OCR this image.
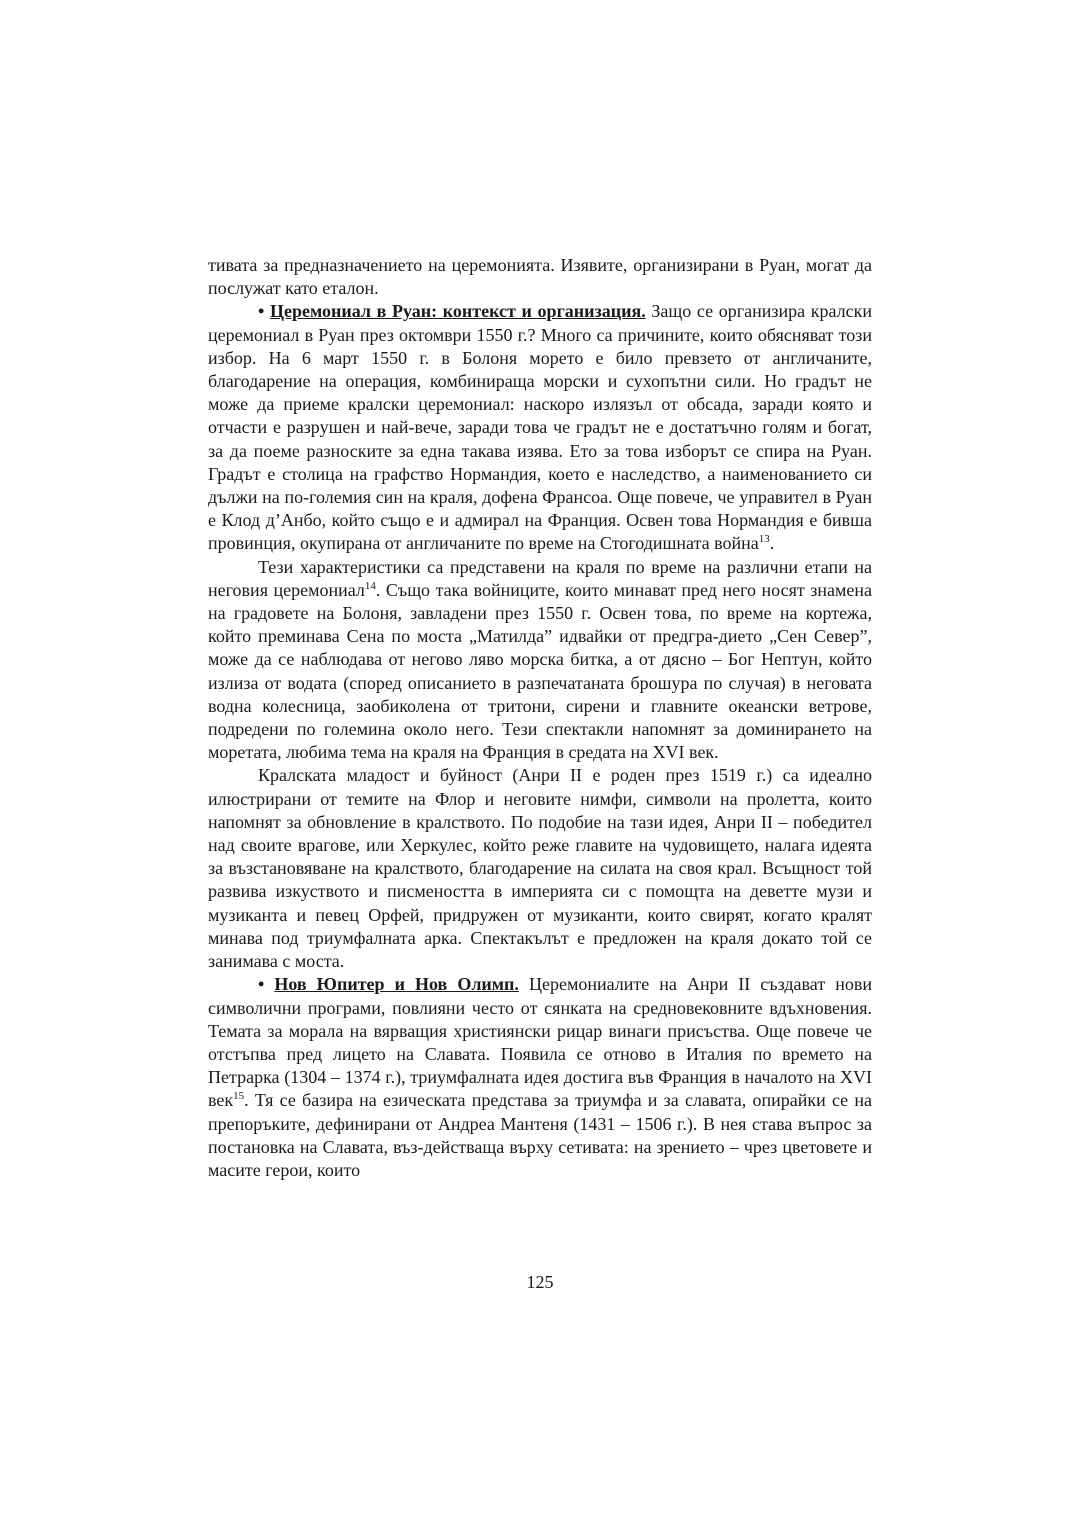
тивата за предназначението на церемонията. Изявите, организирани в Руан, могат да послужат като еталон.

• Церемониал в Руан: контекст и организация. Защо се организира кралски церемониал в Руан през октомври 1550 г.? Много са причините, които обясняват този избор. На 6 март 1550 г. в Болоня морето е било превзето от англичаните, благодарение на операция, комбинираща морски и сухопътни сили. Но градът не може да приеме кралски церемониал: наскоро излязъл от обсада, заради която и отчасти е разрушен и най-вече, заради това че градът не е достатъчно голям и богат, за да поеме разноските за една такава изява. Ето за това изборът се спира на Руан. Градът е столица на графство Нормандия, което е наследство, а наименованието си дължи на по-големия син на краля, дофена Франсоа. Още повече, че управител в Руан е Клод д’Анбо, който също е и адмирал на Франция. Освен това Нормандия е бивша провинция, окупирана от англичаните по време на Стогодишната война$^{13}$.

Тези характеристики са представени на краля по време на различни етапи на неговия церемониал$^{14}$. Също така войниците, които минават пред него носят знамена на градовете на Болоня, завладени през 1550 г. Освен това, по време на кортежа, който преминава Сена по моста „Матилда” идвайки от предгра-дието „Сен Север”, може да се наблюдава от негово ляво морска битка, а от дясно – Бог Нептун, който излиза от водата (според описанието в разпечатаната брошура по случая) в неговата водна колесница, заобиколена от тритони, сирени и главните океански ветрове, подредени по големина около него. Тези спектакли напомнят за доминирането на моретата, любима тема на краля на Франция в средата на XVI век.

Кралската младост и буйност (Анри II е роден през 1519 г.) са идеално илюстрирани от темите на Флор и неговите нимфи, символи на пролетта, които напомнят за обновление в кралството. По подобие на тази идея, Анри II – победител над своите врагове, или Херкулес, който реже главите на чудовището, налага идеята за възстановяване на кралството, благодарение на силата на своя крал. Всъщност той развива изкуството и писмеността в империята си с помощта на деветте музи и музиканта и певец Орфей, придружен от музиканти, които свирят, когато кралят минава под триумфалната арка. Спектакълът е предложен на краля докато той се занимава с моста.

• Нов Юпитер и Нов Олимп. Церемониалите на Анри II създават нови символични програми, повлияни често от сянката на средновековните вдъхновения. Темата за морала на вярващия християнски рицар винаги присъства. Още повече че отстъпва пред лицето на Славата. Появила се отново в Италия по времето на Петрарка (1304 – 1374 г.), триумфалната идея достига във Франция в началото на XVI век$^{15}$. Тя се базира на езическата представа за триумфа и за славата, опирайки се на препоръките, дефинирани от Андреа Мантеня (1431 – 1506 г.). В нея става въпрос за постановка на Славата, въз-действаща върху сетивата: на зрението – чрез цветовете и масите герои, които

125
